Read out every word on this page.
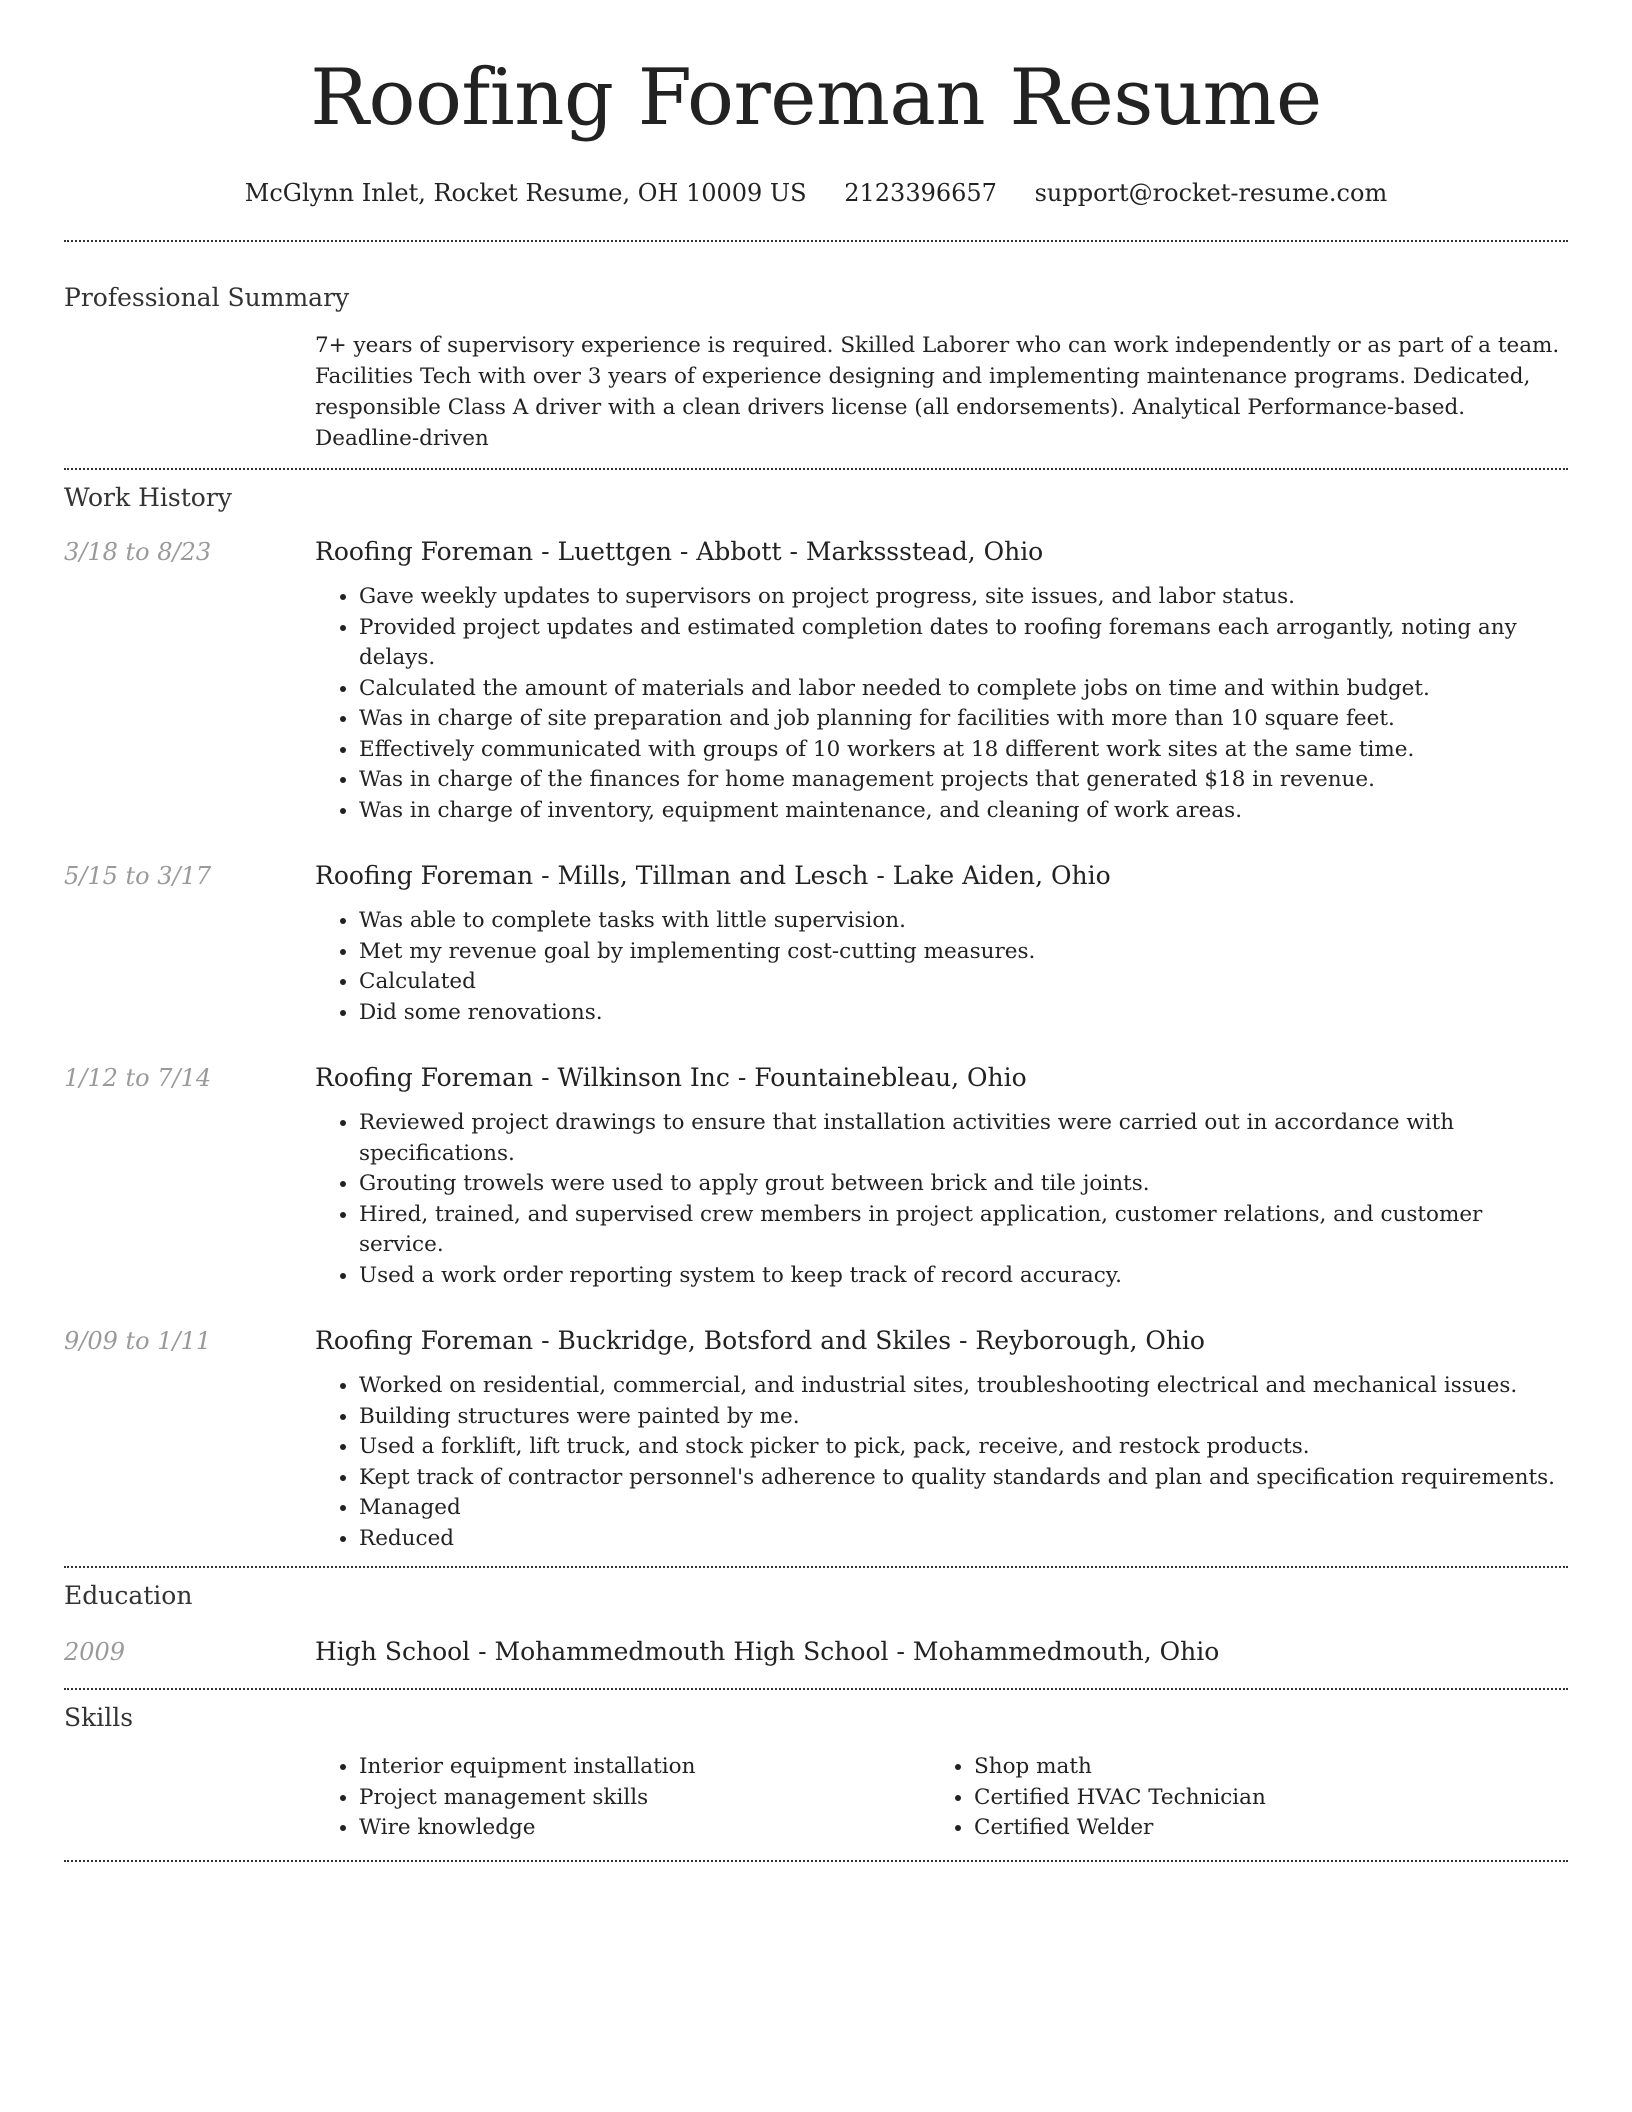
Roofing Foreman Resume
McGlynn Inlet, Rocket Resume, OH 10009 US 2123396657 support@rocket-resume.com
Professional Summary
7+ years of supervisory experience is required. Skilled Laborer who can work independently or as part of a team. Facilities Tech with over 3 years of experience designing and implementing maintenance programs. Dedicated, responsible Class A driver with a clean drivers license (all endorsements). Analytical Performance-based. Deadline-driven
Work History
3/18 to 8/23	Roofing Foreman - Luettgen - Abbott - Markssstead, Ohio
• Gave weekly updates to supervisors on project progress, site issues, and labor status.
• Provided project updates and estimated completion dates to roofing foremans each arrogantly, noting any delays.
• Calculated the amount of materials and labor needed to complete jobs on time and within budget.
• Was in charge of site preparation and job planning for facilities with more than 10 square feet.
• Effectively communicated with groups of 10 workers at 18 different work sites at the same time.
• Was in charge of the finances for home management projects that generated $18 in revenue.
• Was in charge of inventory, equipment maintenance, and cleaning of work areas.
5/15 to 3/17	Roofing Foreman - Mills, Tillman and Lesch - Lake Aiden, Ohio
• Was able to complete tasks with little supervision.
• Met my revenue goal by implementing cost-cutting measures.
• Calculated
• Did some renovations.
1/12 to 7/14	Roofing Foreman - Wilkinson Inc - Fountainebleau, Ohio
• Reviewed project drawings to ensure that installation activities were carried out in accordance with specifications.
• Grouting trowels were used to apply grout between brick and tile joints.
• Hired, trained, and supervised crew members in project application, customer relations, and customer service.
• Used a work order reporting system to keep track of record accuracy.
9/09 to 1/11	Roofing Foreman - Buckridge, Botsford and Skiles - Reyborough, Ohio
• Worked on residential, commercial, and industrial sites, troubleshooting electrical and mechanical issues.
• Building structures were painted by me.
• Used a forklift, lift truck, and stock picker to pick, pack, receive, and restock products.
• Kept track of contractor personnel's adherence to quality standards and plan and specification requirements.
• Managed
• Reduced
Education
2009	High School - Mohammedmouth High School - Mohammedmouth, Ohio
Skills
• Interior equipment installation
• Project management skills
• Wire knowledge
• Shop math
• Certified HVAC Technician
• Certified Welder
